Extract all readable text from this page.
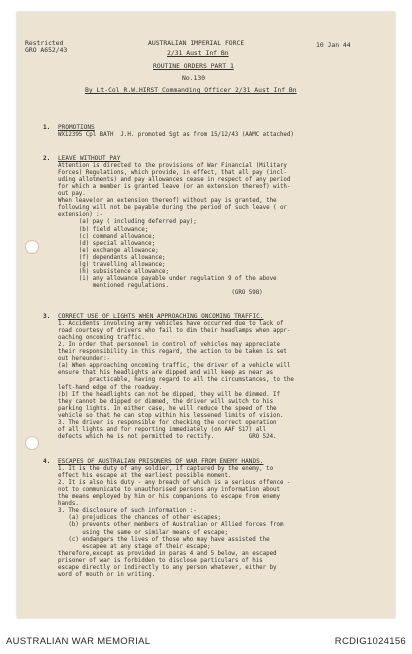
Restricted
GRO A652/43
AUSTRALIAN IMPERIAL FORCE	10 Jan 44
2/31 Aust Inf Bn
ROUTINE ORDERS PART 1
No.130
By Lt-Col R.W.HIRST Commanding Officer 2/31 Aust Inf Bn
1. PROMOTIONS
WX12395 Cpl BATH  J.H. promoted Sgt as from 15/12/43 (AAMC attached)
2. LEAVE WITHOUT PAY
Attention is directed to the provisions of War Financial (Military
Forces) Regulations, which provide, in effect, that all pay (incl-
uding allotments) and pay allowances cease in respect of any period
for which a member is granted leave (or an extension thereof) with-
out pay.
When leave(or an extension thereof) without pay is granted, the
following will not be payable during the period of such leave ( or
extension) :-
(a) pay ( including deferred pay);
(b) field allowance;
(c) command allowance;
(d) special allowance;
(e) exchange allowance;
(f) dependants allowance;
(g) travelling allowance;
(h) subsistence allowance;
(i) any allowance payable under regulation 9 of the above
mentioned regulations.
(GRO 598)
3. CORRECT USE OF LIGHTS WHEN APPROACHING ONCOMING TRAFFIC.
1. Accidents involving army vehicles have occurred due to lack of
road courtesy of drivers who fail to dim their headlamps when appr-
oaching oncoming traffic.
2. In order that personnel in control of vehicles may appreciate
their responsibility in this regard, the action to be taken is set
out hereunder:-
(a) When approaching oncoming traffic, the driver of a vehicle will
ensure that his headlights are dipped and will keep as near as
practicable, having regard to all the circumstances, to the
left-hand edge of the roadway.
(b) If the headlights can not be dipped, they will be dimmed. If
they cannot be dipped or dimmed, the driver will switch to his
parking lights. In either case, he will reduce the speed of the
vehicle so that he can stop within his lessened limits of vision.
3. The driver is responsible for checking the correct operation
of all lights and for reporting immediately (on AAF S17) all
defects which he is not permitted to rectify.          GRO 524.
4. ESCAPES OF AUSTRALIAN PRISONERS OF WAR FROM ENEMY HANDS.
1. It is the duty of any soldier, if captured by the enemy, to
effect his escape at the earliest possible moment.
2. It is also his duty - any breach of which is a serious offence -
not to communicate to unauthorised persons any information about
the means employed by him or his companions to escape from enemy
hands.
3. The disclosure of such information :-
(a) prejudices the chances of other escapes;
(b) prevents other members of Australian or Allied forces from
using the same or similar means of escape;
(c) endangers the lives of those who may have assisted the
escapee at any stage of their escape;
therefore,except as provided in paras 4 and 5 below, an escaped
prisoner of war is forbidden to disclose particulars of his
escape directly or indirectly to any person whatever, either by
word of mouth or in writing.
AUSTRALIAN WAR MEMORIAL	RCDIG1024156
